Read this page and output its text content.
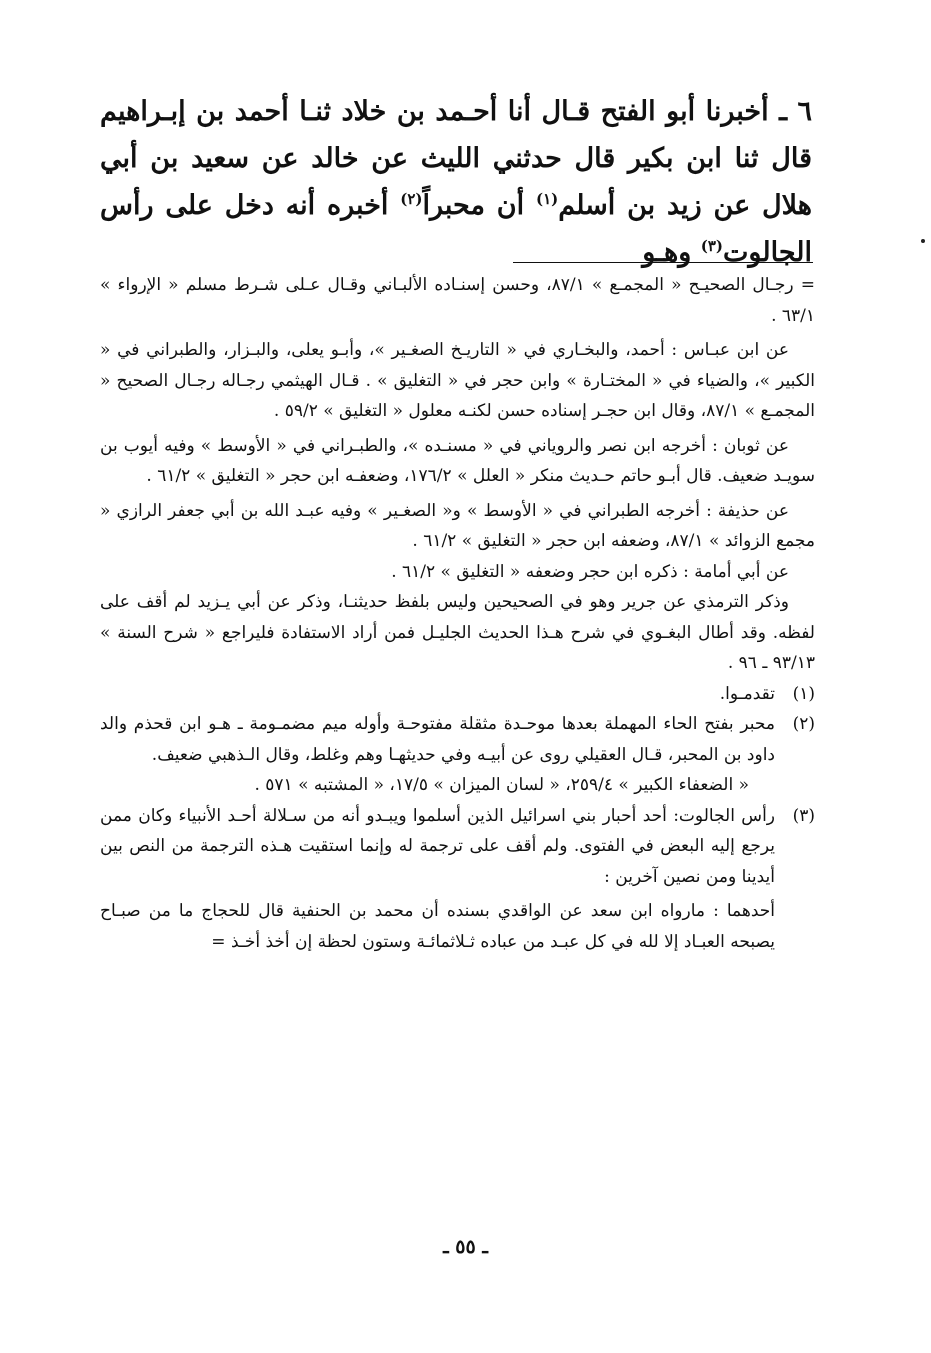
٦ ـ أخبرنا أبو الفتح قـال أنا أحـمد بن خلاد ثنـا أحمد بن إبـراهيم قال ثنا ابن بكير قال حدثني الليث عن خالد عن سعيد بن أبي هلال عن زيد بن أسلم$^{(١)}$ أن محبراً$^{(٢)}$ أخبره أنه دخل على رأس الجالوت$^{(٣)}$ وهـو

= رجـال الصحيـح « المجمـع » ٨٧/١، وحسن إسنـاده الألبـاني وقـال عـلى شـرط مسلم « الإرواء » ٦٣/١ .

عن ابن عبـاس : أحمد، والبخـاري في « التاريـخ الصغـير »، وأبـو يعلى، والبـزار، والطبراني في « الكبير »، والضياء في « المختـارة » وابن حجر في « التغليق » . قـال الهيثمي رجـاله رجـال الصحيح « المجمـع » ٨٧/١، وقال ابن حجـر إسناده حسن لكنـه معلول « التغليق » ٥٩/٢ .

عن ثوبان : أخرجه ابن نصر والروياني في « مسنـده »، والطبـراني في « الأوسط » وفيه أيوب بن سويـد ضعيف. قال أبـو حاتم حـديث منكر « العلل » ١٧٦/٢، وضعفـه ابن حجر « التغليق » ٦١/٢ .

عن حذيفة : أخرجه الطبراني في « الأوسط » و« الصغـير » وفيه عبـد الله بن أبي جعفر الرازي « مجمع الزوائد » ٨٧/١، وضعفه ابن حجر « التغليق » ٦١/٢ .

عن أبي أمامة : ذكره ابن حجر وضعفه « التغليق » ٦١/٢ .

وذكر الترمذي عن جرير وهو في الصحيحين وليس بلفظ حديثنـا، وذكر عن أبي يـزيد لم أقف على لفظه. وقد أطال البغـوي في شرح هـذا الحديث الجليـل فمن أراد الاستفادة فليراجع « شرح السنة » ٩٣/١٣ ـ ٩٦ .

(١)
تقدمـوا.
(٢)
محبر بفتح الحاء المهملة بعدها موحـدة مثقلة مفتوحـة وأوله ميم مضمـومة ـ هـو ابن قحذم والد داود بن المحبر، قـال العقيلي روى عن أبيـه وفي حديثهـا وهم وغلط، وقال الـذهبي ضعيف.

« الضعفاء الكبير » ٢٥٩/٤، « لسان الميزان » ١٧/٥، « المشتبه » ٥٧١ .

(٣)
رأس الجالوت: أحد أحبار بني اسرائيل الذين أسلموا ويبـدو أنه من سـلالة أحـد الأنبياء وكان ممن يرجع إليه البعض في الفتوى. ولم أقف على ترجمة له وإنما استقيت هـذه الترجمة من النص بين أيدينا ومن نصين آخرين :

أحدهما : مارواه ابن سعد عن الواقدي بسنده أن محمد بن الحنفية قال للحجاج ما من صبـاح يصبحه العبـاد إلا لله في كل عبـد من عباده ثـلاثمائـة وستون لحظة إن أخذ أخـذ =

ـ ٥٥ ـ
